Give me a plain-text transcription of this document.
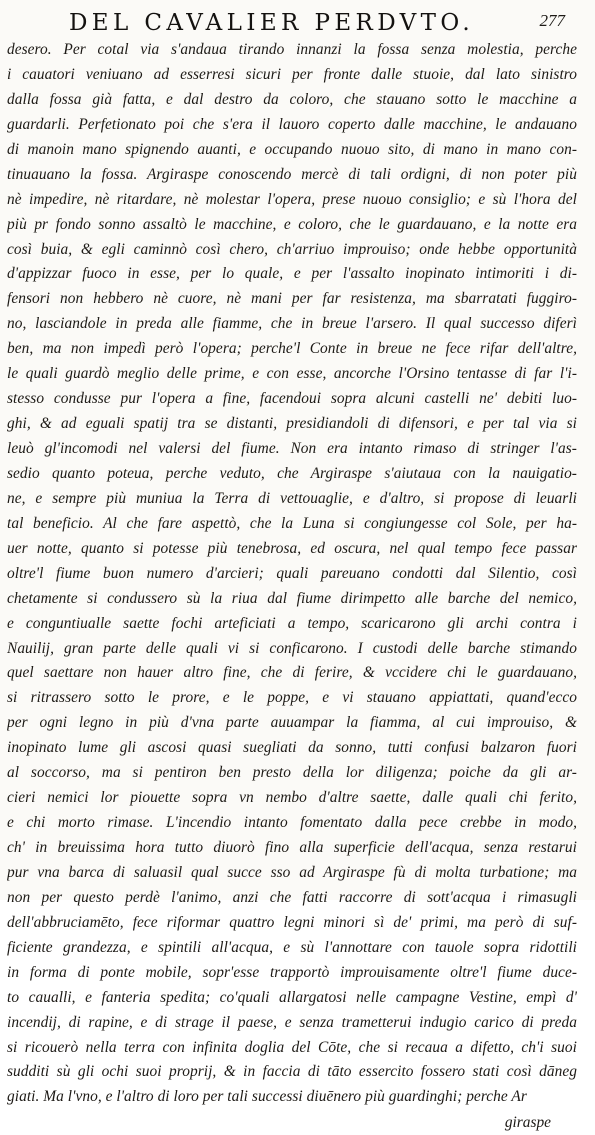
DEL CAVALIER PERDVTO.	277
desero. Per cotal via s'andaua tirando innanzi la fossa senza molestia, perche
i cauatori veniuano ad esserresi sicuri per fronte dalle stuoie, dal lato sinistro
dalla fossa già fatta, e dal destro da coloro, che stauano sotto le macchine a
guardarli. Perfetionato poi che s'era il lauoro coperto dalle macchine, le andauano
di manoin mano spignendo auanti, e occupando nuouo sito, di mano in mano con-
tinuauano la fossa. Argiraspe conoscendo mercè di tali ordigni, di non poter più
nè impedire, nè ritardare, nè molestar l'opera, prese nuouo consiglio; e sù l'hora del
più pr fondo sonno assaltò le macchine, e coloro, che le guardauano, e la notte era
così buia, & egli caminnò così chero, ch'arriuo improuiso; onde hebbe opportunità
d'appizzar fuoco in esse, per lo quale, e per l'assalto inopinato intimoriti i di-
fensori non hebbero nè cuore, nè mani per far resistenza, ma sbarratati fuggiro-
no, lasciandole in preda alle fiamme, che in breue l'arsero. Il qual successo diferì
ben, ma non impedì però l'opera; perche'l Conte in breue ne fece rifar dell'altre,
le quali guardò meglio delle prime, e con esse, ancorche l'Orsino tentasse di far l'i-
stesso condusse pur l'opera a fine, facendoui sopra alcuni castelli ne' debiti luo-
ghi, & ad eguali spatij tra se distanti, presidiandoli di difensori, e per tal via si
leuò gl'incomodi nel valersi del fiume. Non era intanto rimaso di stringer l'as-
sedio quanto poteua, perche veduto, che Argiraspe s'aiutaua con la nauigatio-
ne, e sempre più muniua la Terra di vettouaglie, e d'altro, si propose di leuarli
tal beneficio. Al che fare aspettò, che la Luna si congiungesse col Sole, per ha-
uer notte, quanto si potesse più tenebrosa, ed oscura, nel qual tempo fece passar
oltre'l fiume buon numero d'arcieri; quali pareuano condotti dal Silentio, così
chetamente si condussero sù la riua dal fiume dirimpetto alle barche del nemico,
e conguntiualle saette fochi arteficiati a tempo, scaricarono gli archi contra i
Nauilij, gran parte delle quali vi si conficarono. I custodi delle barche stimando
quel saettare non hauer altro fine, che di ferire, & vccidere chi le guardauano,
si ritrassero sotto le prore, e le poppe, e vi stauano appiattati, quand'ecco
per ogni legno in più d'vna parte auuampar la fiamma, al cui improuiso, &
inopinato lume gli ascosi quasi suegliati da sonno, tutti confusi balzaron fuori
al soccorso, ma si pentiron ben presto della lor diligenza; poiche da gli ar-
cieri nemici lor piouette sopra vn nembo d'altre saette, dalle quali chi ferito,
e chi morto rimase. L'incendio intanto fomentato dalla pece crebbe in modo,
ch' in breuissima hora tutto diuorò fino alla superficie dell'acqua, senza restarui
pur vna barca di saluasil qual succe sso ad Argiraspe fù di molta turbatione; ma
non per questo perdè l'animo, anzi che fatti raccorre di sott'acqua i rimasugli
dell'abbruciamēto, fece riformar quattro legni minori sì de' primi, ma però di suf-
ficiente grandezza, e spintili all'acqua, e sù l'annottare con tauole sopra ridottili
in forma di ponte mobile, sopr'esse trapportò improuisamente oltre'l fiume duce-
to caualli, e fanteria spedita; co'quali allargatosi nelle campagne Vestine, empì d'
incendij, di rapine, e di strage il paese, e senza trametterui indugio carico di preda
si ricouerò nella terra con infinita doglia del Cōte, che si recaua a difetto, ch'i suoi
sudditi sù gli ochi suoi proprij, & in faccia di tāto essercito fossero stati così dāneg
giati. Ma l'vno, e l'altro di loro per tali successi diuēnero più guardinghi; perche Ar
giraspe
